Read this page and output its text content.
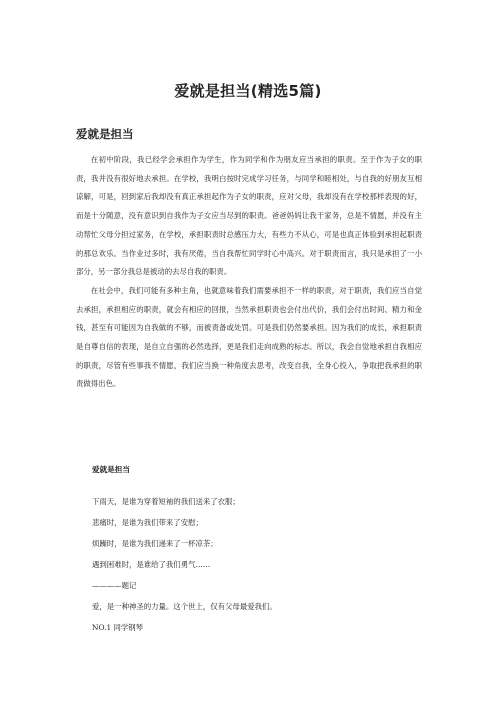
爱就是担当(精选5篇)
爱就是担当

在初中阶段，我已经学会承担作为学生，作为同学和作为朋友应当承担的职责。至于作为子女的职责，我并没有很好地去承担。在学校，我明白按时完成学习任务，与同学和睦相处，与自我的好朋友互相谅解，可是，回到家后我却没有真正承担起作为子女的职责，应对父母，我却没有在学校那样表现的好，而是十分随意，没有意识到自我作为子女应当尽到的职责。爸爸妈妈让我干家务，总是不情愿，并没有主动帮忙父母分担过家务，在学校，承担职责时总感压力大，有些力不从心，可是也真正体验到承担起职责的那总欢乐。当作业过多时，我有厌倦，当自我帮忙同学时心中高兴。对于职责而言，我只是承担了一小部分，另一部分我总是被动的去尽自我的职责。

在社会中，我们可能有多种主角，也就意味着我们需要承担不一样的职责，对于职责，我们应当自觉去承担，承担相应的职责，就会有相应的回报，当然承担职责也会付出代价，我们会付出时间、精力和金钱，甚至有可能因为自我做的不够，而被责备或处罚。可是我们仍然要承担。因为我们的成长，承担职责是自尊自信的表现，是自立自强的必然选择，更是我们走向成熟的标志。所以，我会自觉地承担自我相应的职责，尽管有些事我不情愿，我们应当换一种角度去思考，改变自我，全身心投入，争取把我承担的职责做得出色。

爱就是担当
下雨天，是谁为穿着短袖的我们送来了衣服；
悲痛时，是谁为我们带来了安慰；
烦躁时，是谁为我们递来了一杯凉茶；
遇到困难时，是谁给了我们勇气……
————题记
爱，是一种神圣的力量。这个世上，仅有父母最爱我们。
NO.1 同学钢琴
